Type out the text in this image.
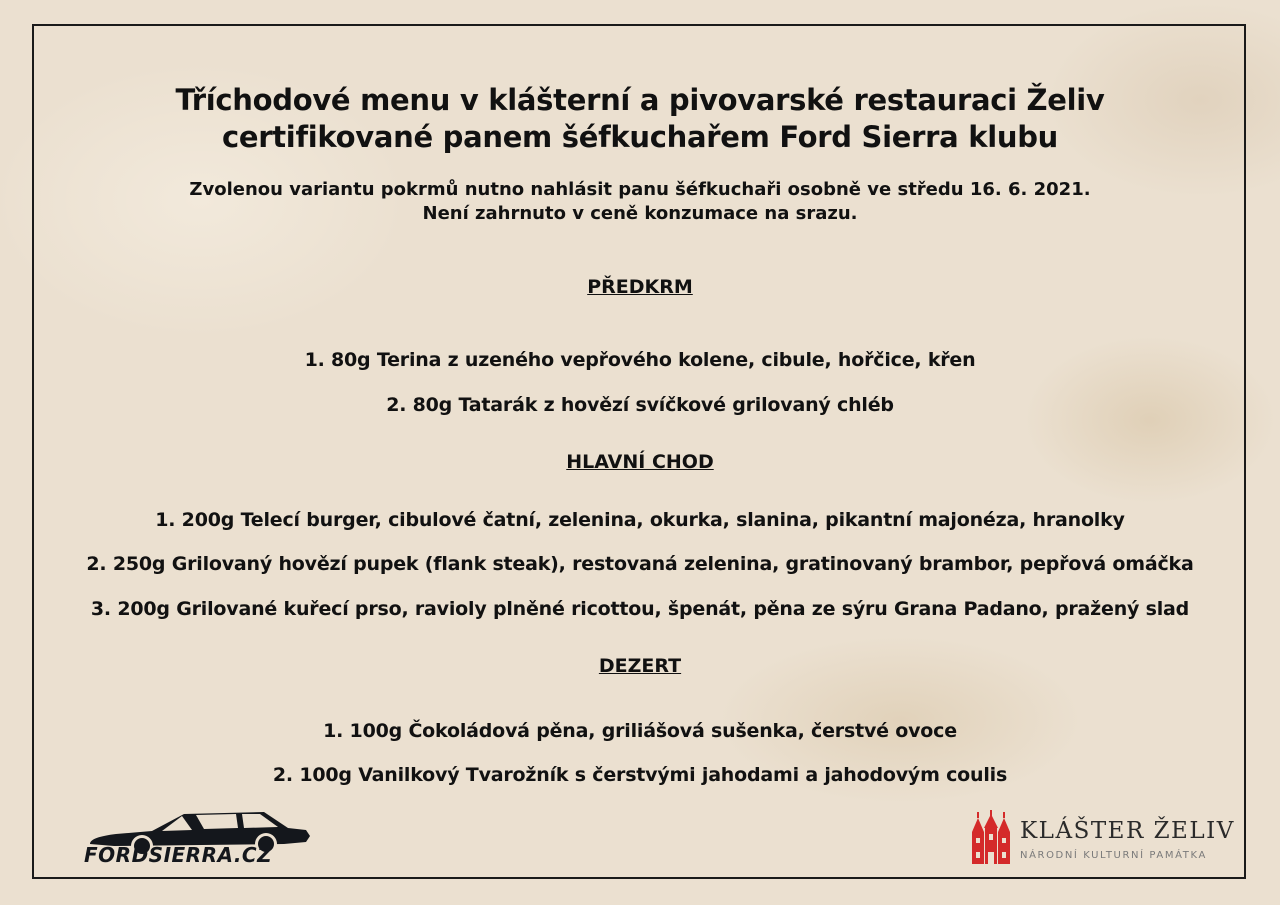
Tříchodové menu v klášterní a pivovarské restauraci Želiv
certifikované panem šéfkuchařem Ford Sierra klubu
Zvolenou variantu pokrmů nutno nahlásit panu šéfkuchaři osobně ve středu 16. 6. 2021.
Není zahrnuto v ceně konzumace na srazu.
PŘEDKRM
1. 80g Terina z uzeného vepřového kolene, cibule, hořčice, křen
2. 80g Tatarák z hovězí svíčkové grilovaný chléb
HLAVNÍ CHOD
1. 200g Telecí burger, cibulové čatní, zelenina, okurka, slanina, pikantní majonéza, hranolky
2. 250g Grilovaný hovězí pupek (flank steak), restovaná zelenina, gratinovaný brambor, pepřová omáčka
3. 200g Grilované kuřecí prso, ravioly plněné ricottou, špenát, pěna ze sýru Grana Padano, pražený slad
DEZERT
1. 100g Čokoládová pěna, griliášová sušenka, čerstvé ovoce
2. 100g Vanilkový Tvarožník s čerstvými jahodami a jahodovým coulis
FORDSIERRA.CZ
KLÁŠTER ŽELIV
NÁRODNÍ KULTURNÍ PAMÁTKA
